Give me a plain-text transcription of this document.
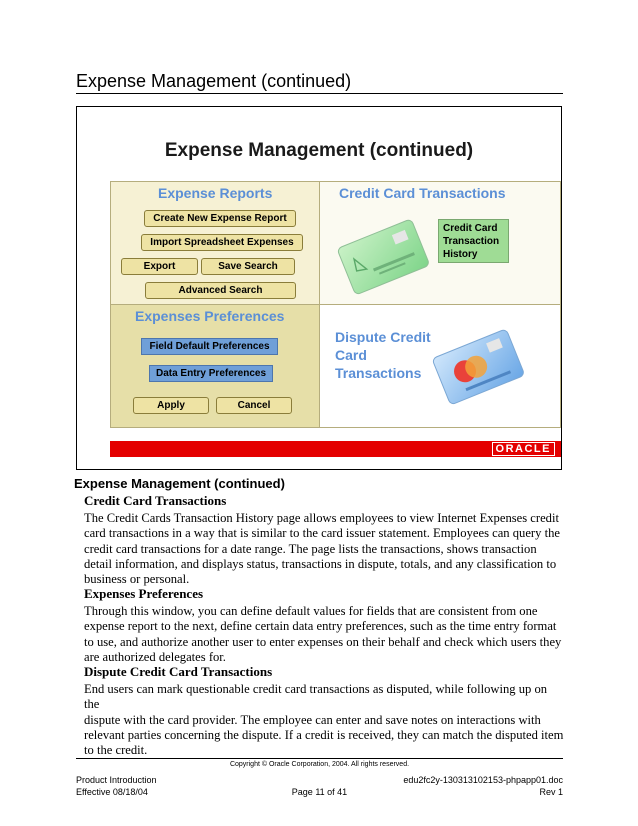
Expense Management (continued)
Expense Management (continued)
Expense Reports
Create New Expense Report
Import Spreadsheet Expenses
Export	Save Search
Advanced Search
Credit Card Transactions
Credit Card
Transaction
History
Expenses Preferences
Field Default Preferences
Data Entry Preferences
Apply	Cancel
Dispute Credit
Card
Transactions
ORACLE
Expense Management (continued)
Credit Card Transactions
The Credit Cards Transaction History page allows employees to view Internet Expenses credit
card transactions in a way that is similar to the card issuer statement. Employees can query the
credit card transactions for a date range. The page lists the transactions, shows transaction
detail information, and displays status, transactions in dispute, totals, and any classification to
business or personal.
Expenses Preferences
Through this window, you can define default values for fields that are consistent from one
expense report to the next, define certain data entry preferences, such as the time entry format
to use, and authorize another user to enter expenses on their behalf and check which users they
are authorized delegates for.
Dispute Credit Card Transactions
End users can mark questionable credit card transactions as disputed, while following up on the
dispute with the card provider. The employee can enter and save notes on interactions with
relevant parties concerning the dispute. If a credit is received, they can match the disputed item
to the credit.
Copyright © Oracle Corporation, 2004. All rights reserved.
Product Introduction
Effective 08/18/04	Page 11 of 41
edu2fc2y-130313102153-phpapp01.doc
Rev 1
